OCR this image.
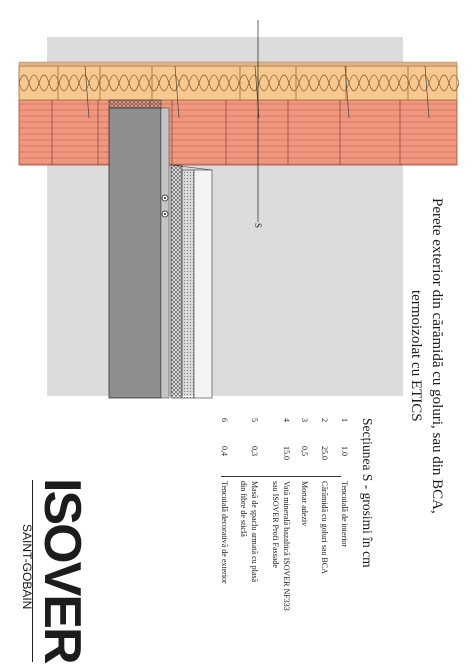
S	Perete exterior din cărămidă cu goluri, sau din BCA,
termoizolat cu ETICS
Secțiunea S - grosimi în cm
1
1.0
Tencuială de interior
2
25.0
Cărămidă cu goluri sau BCA
3
0,5
Mortar adeziv
4
15.0
Vată minerală bazaltică ISOVER NF333
sau ISOVER Profi Fassade
5
0,3
Masă de șpaclu armată cu plasă
din fibre de sticlă
6
0,4
Tencuială decorativă de exterior
ISOVER
SAINT-GOBAIN
